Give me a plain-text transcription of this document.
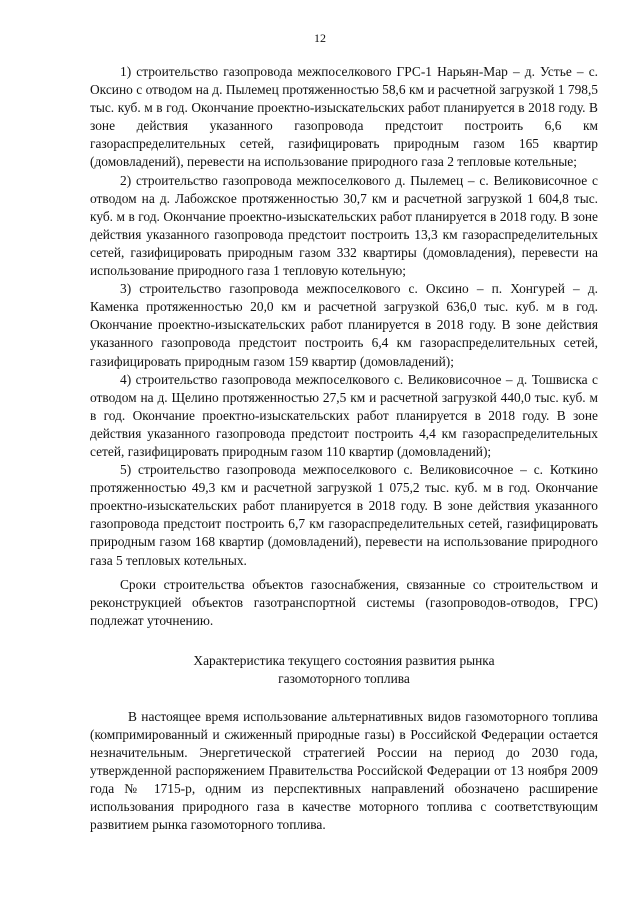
12

1) строительство газопровода межпоселкового ГРС-1 Нарьян-Мар – д. Устье – с. Оксино с отводом на д. Пылемец протяженностью 58,6 км и расчетной загрузкой 1 798,5 тыс. куб. м в год. Окончание проектно-изыскательских работ планируется в 2018 году. В зоне действия указанного газопровода предстоит построить 6,6 км газораспределительных сетей, газифицировать природным газом 165 квартир (домовладений), перевести на использование природного газа 2 тепловые котельные;

2) строительство газопровода межпоселкового д. Пылемец – с. Великовисочное с отводом на д. Лабожское протяженностью 30,7 км и расчетной загрузкой 1 604,8 тыс. куб. м в год. Окончание проектно-изыскательских работ планируется в 2018 году. В зоне действия указанного газопровода предстоит построить 13,3 км газораспределительных сетей, газифицировать природным газом 332 квартиры (домовладения), перевести на использование природного газа 1 тепловую котельную;

3) строительство газопровода межпоселкового с. Оксино – п. Хонгурей – д. Каменка протяженностью 20,0 км и расчетной загрузкой 636,0 тыс. куб. м в год. Окончание проектно-изыскательских работ планируется в 2018 году. В зоне действия указанного газопровода предстоит построить 6,4 км газораспределительных сетей, газифицировать природным газом 159 квартир (домовладений);

4) строительство газопровода межпоселкового с. Великовисочное – д. Тошвиска с отводом на д. Щелино протяженностью 27,5 км и расчетной загрузкой 440,0 тыс. куб. м в год. Окончание проектно-изыскательских работ планируется в 2018 году. В зоне действия указанного газопровода предстоит построить 4,4 км газораспределительных сетей, газифицировать природным газом 110 квартир (домовладений);

5) строительство газопровода межпоселкового с. Великовисочное – с. Коткино протяженностью 49,3 км и расчетной загрузкой 1 075,2 тыс. куб. м в год. Окончание проектно-изыскательских работ планируется в 2018 году. В зоне действия указанного газопровода предстоит построить 6,7 км газораспределительных сетей, газифицировать природным газом 168 квартир (домовладений), перевести на использование природного газа 5 тепловых котельных.

Сроки строительства объектов газоснабжения, связанные со строительством и реконструкцией объектов газотранспортной системы (газопроводов-отводов, ГРС) подлежат уточнению.

Характеристика текущего состояния развития рынка
газомоторного топлива

В настоящее время использование альтернативных видов газомоторного топлива (компримированный и сжиженный природные газы) в Российской Федерации остается незначительным. Энергетической стратегией России на период до 2030 года, утвержденной распоряжением Правительства Российской Федерации от 13 ноября 2009 года № 1715-р, одним из перспективных направлений обозначено расширение использования природного газа в качестве моторного топлива с соответствующим развитием рынка газомоторного топлива.
